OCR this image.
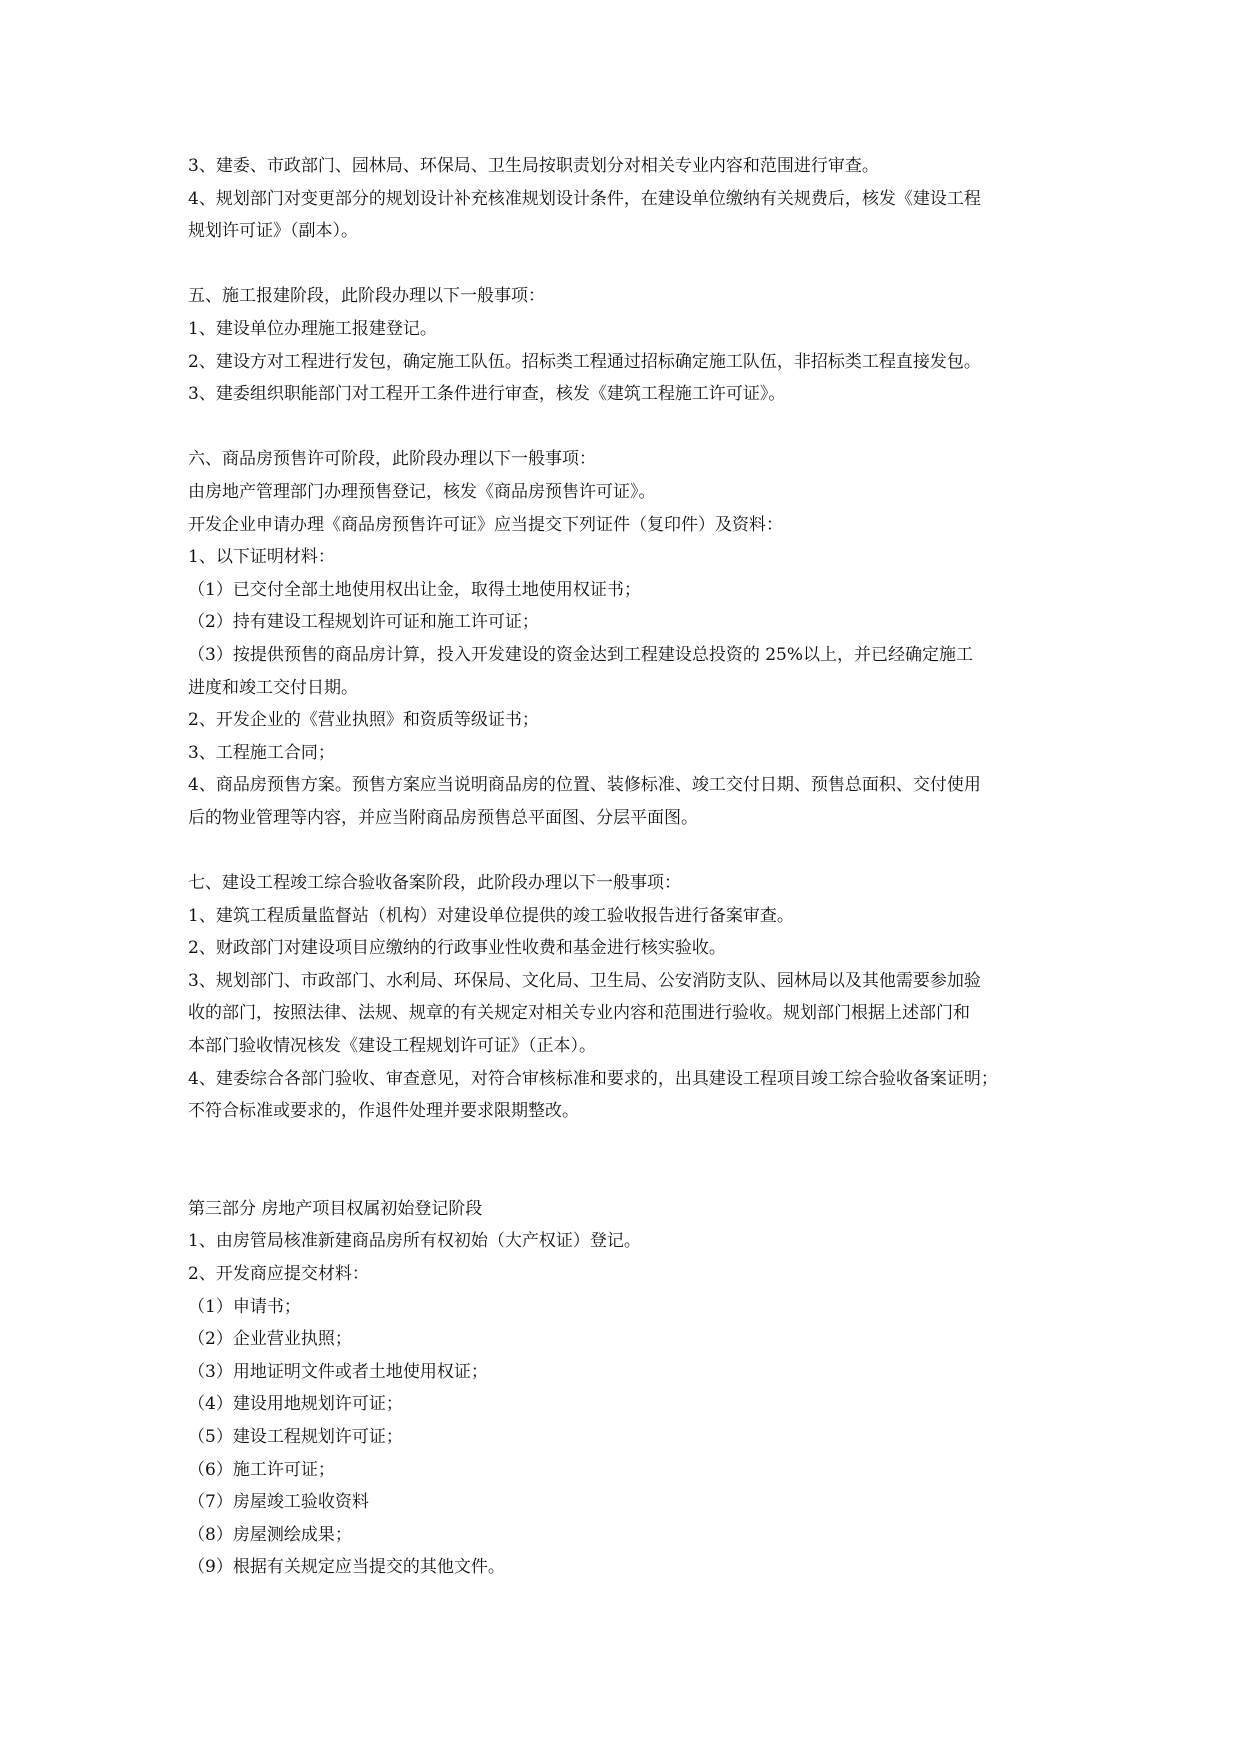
3、建委、市政部门、园林局、环保局、卫生局按职责划分对相关专业内容和范围进行审查。

4、规划部门对变更部分的规划设计补充核准规划设计条件，在建设单位缴纳有关规费后，核发《建设工程

规划许可证》（副本）。

五、施工报建阶段，此阶段办理以下一般事项：

1、建设单位办理施工报建登记。

2、建设方对工程进行发包，确定施工队伍。招标类工程通过招标确定施工队伍，非招标类工程直接发包。

3、建委组织职能部门对工程开工条件进行审查，核发《建筑工程施工许可证》。

六、商品房预售许可阶段，此阶段办理以下一般事项：

由房地产管理部门办理预售登记，核发《商品房预售许可证》。

开发企业申请办理《商品房预售许可证》应当提交下列证件（复印件）及资料：

1、以下证明材料：

（1）已交付全部土地使用权出让金，取得土地使用权证书；

（2）持有建设工程规划许可证和施工许可证；

（3）按提供预售的商品房计算，投入开发建设的资金达到工程建设总投资的 25%以上，并已经确定施工

进度和竣工交付日期。

2、开发企业的《营业执照》和资质等级证书；

3、工程施工合同；

4、商品房预售方案。预售方案应当说明商品房的位置、装修标准、竣工交付日期、预售总面积、交付使用

后的物业管理等内容，并应当附商品房预售总平面图、分层平面图。

七、建设工程竣工综合验收备案阶段，此阶段办理以下一般事项：

1、建筑工程质量监督站（机构）对建设单位提供的竣工验收报告进行备案审查。

2、财政部门对建设项目应缴纳的行政事业性收费和基金进行核实验收。

3、规划部门、市政部门、水利局、环保局、文化局、卫生局、公安消防支队、园林局以及其他需要参加验

收的部门，按照法律、法规、规章的有关规定对相关专业内容和范围进行验收。规划部门根据上述部门和

本部门验收情况核发《建设工程规划许可证》（正本）。

4、建委综合各部门验收、审查意见，对符合审核标准和要求的，出具建设工程项目竣工综合验收备案证明；

不符合标准或要求的，作退件处理并要求限期整改。

第三部分 房地产项目权属初始登记阶段

1、由房管局核准新建商品房所有权初始（大产权证）登记。

2、开发商应提交材料：

（1）申请书；

（2）企业营业执照；

（3）用地证明文件或者土地使用权证；

（4）建设用地规划许可证；

（5）建设工程规划许可证；

（6）施工许可证；

（7）房屋竣工验收资料

（8）房屋测绘成果；

（9）根据有关规定应当提交的其他文件。
